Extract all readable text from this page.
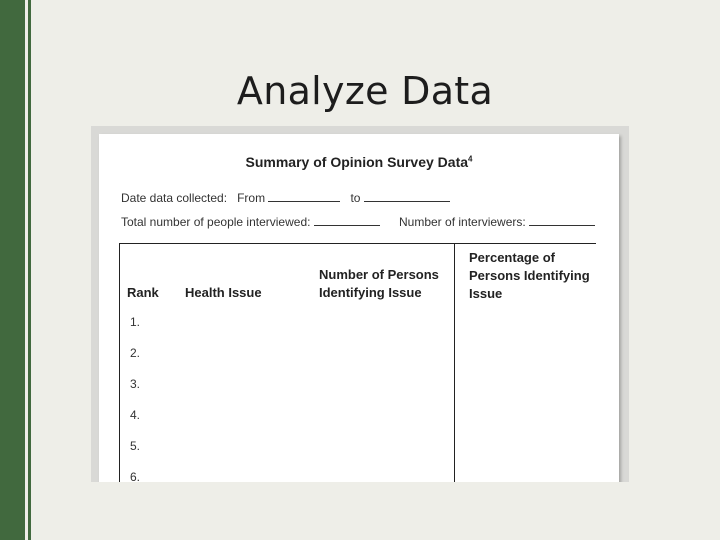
Analyze Data
Summary of Opinion Survey Data$^4$
Date data collected: From	to
Total number of people interviewed:	Number of interviewers:
Rank Health Issue
Number of Persons
Identifying Issue
Percentage of
Persons Identifying
Issue
1.
2.
3.
4.
5.
6.
